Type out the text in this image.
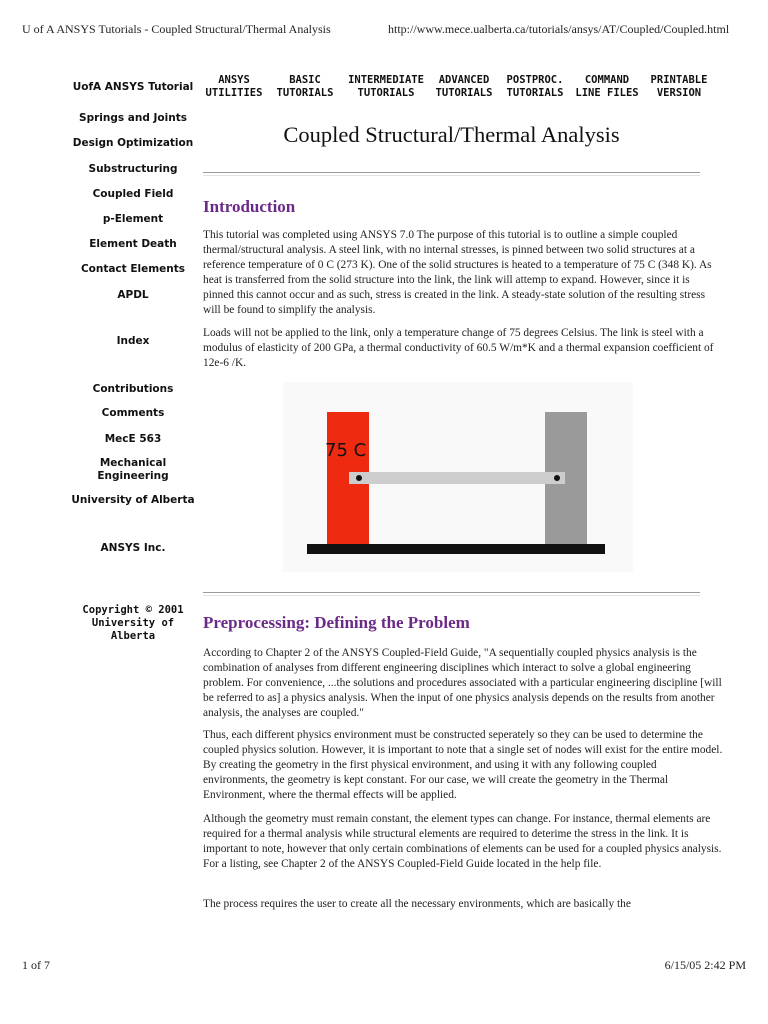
U of A ANSYS Tutorials - Coupled Structural/Thermal Analysis	http://www.mece.ualberta.ca/tutorials/ansys/AT/Coupled/Coupled.html
UofA ANSYS Tutorial
Springs and Joints
Design Optimization
Substructuring
Coupled Field
p-Element
Element Death
Contact Elements
APDL
Index
Contributions
Comments
MecE 563
Mechanical
Engineering
University of Alberta
ANSYS Inc.
Copyright © 2001
University of
Alberta
ANSYS
UTILITIES
BASIC
TUTORIALS
INTERMEDIATE
TUTORIALS
ADVANCED
TUTORIALS
POSTPROC.
TUTORIALS
COMMAND
LINE FILES
PRINTABLE
VERSION
Coupled Structural/Thermal Analysis
Introduction

This tutorial was completed using ANSYS 7.0 The purpose of this tutorial is to outline a simple coupled thermal/structural analysis. A steel link, with no internal stresses, is pinned between two solid structures at a reference temperature of 0 C (273 K). One of the solid structures is heated to a temperature of 75 C (348 K). As heat is transferred from the solid structure into the link, the link will attemp to expand. However, since it is pinned this cannot occur and as such, stress is created in the link. A steady-state solution of the resulting stress will be found to simplify the analysis.

Loads will not be applied to the link, only a temperature change of 75 degrees Celsius. The link is steel with a modulus of elasticity of 200 GPa, a thermal conductivity of 60.5 W/m*K and a thermal expansion coefficient of 12e-6 /K.

75 C
Preprocessing: Defining the Problem

According to Chapter 2 of the ANSYS Coupled-Field Guide, "A sequentially coupled physics analysis is the combination of analyses from different engineering disciplines which interact to solve a global engineering problem. For convenience, ...the solutions and procedures associated with a particular engineering discipline [will be referred to as] a physics analysis. When the input of one physics analysis depends on the results from another analysis, the analyses are coupled."

Thus, each different physics environment must be constructed seperately so they can be used to determine the coupled physics solution. However, it is important to note that a single set of nodes will exist for the entire model. By creating the geometry in the first physical environment, and using it with any following coupled environments, the geometry is kept constant. For our case, we will create the geometry in the Thermal Environment, where the thermal effects will be applied.

Although the geometry must remain constant, the element types can change. For instance, thermal elements are required for a thermal analysis while structural elements are required to deterime the stress in the link. It is important to note, however that only certain combinations of elements can be used for a coupled physics analysis. For a listing, see Chapter 2 of the ANSYS Coupled-Field Guide located in the help file.

The process requires the user to create all the necessary environments, which are basically the

1 of 7	6/15/05 2:42 PM
